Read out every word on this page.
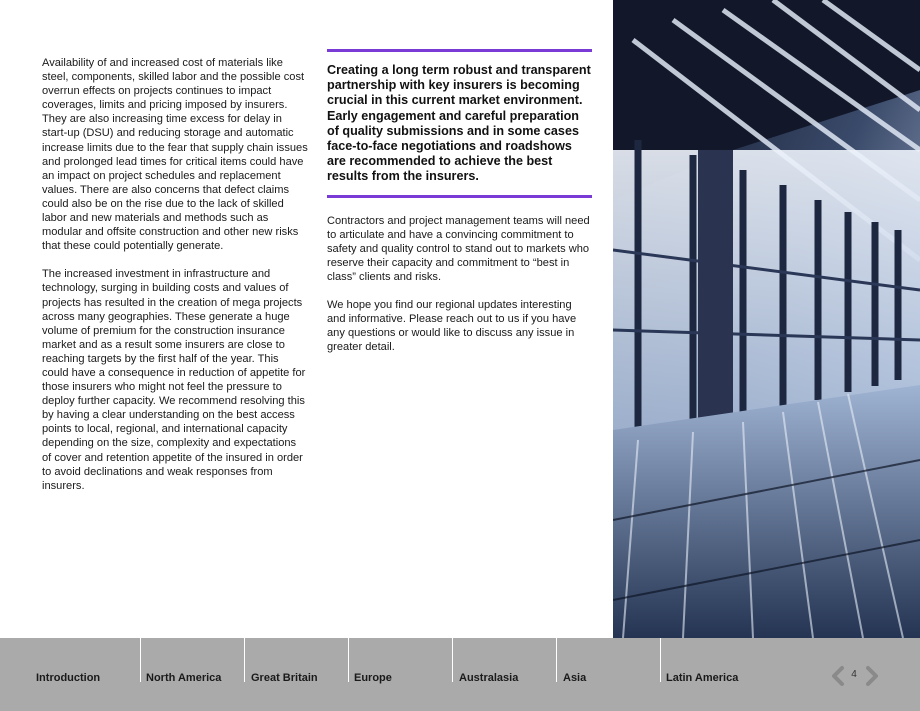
Availability of and increased cost of materials like steel, components, skilled labor and the possible cost overrun effects on projects continues to impact coverages, limits and pricing imposed by insurers. They are also increasing time excess for delay in start-up (DSU) and reducing storage and automatic increase limits due to the fear that supply chain issues and prolonged lead times for critical items could have an impact on project schedules and replacement values. There are also concerns that defect claims could also be on the rise due to the lack of skilled labor and new materials and methods such as modular and offsite construction and other new risks that these could potentially generate.

The increased investment in infrastructure and technology, surging in building costs and values of projects has resulted in the creation of mega projects across many geographies. These generate a huge volume of premium for the construction insurance market and as a result some insurers are close to reaching targets by the first half of the year. This could have a consequence in reduction of appetite for those insurers who might not feel the pressure to deploy further capacity. We recommend resolving this by having a clear understanding on the best access points to local, regional, and international capacity depending on the size, complexity and expectations of cover and retention appetite of the insured in order to avoid declinations and weak responses from insurers.

Creating a long term robust and transparent partnership with key insurers is becoming crucial in this current market environment. Early engagement and careful preparation of quality submissions and in some cases face-to-face negotiations and roadshows are recommended to achieve the best results from the insurers.

Contractors and project management teams will need to articulate and have a convincing commitment to safety and quality control to stand out to markets who reserve their capacity and commitment to “best in class” clients and risks.

We hope you find our regional updates interesting and informative. Please reach out to us if you have any questions or would like to discuss any issue in greater detail.

Introduction	North America	Great Britain	Europe	Australasia	Asia	Latin America	4
